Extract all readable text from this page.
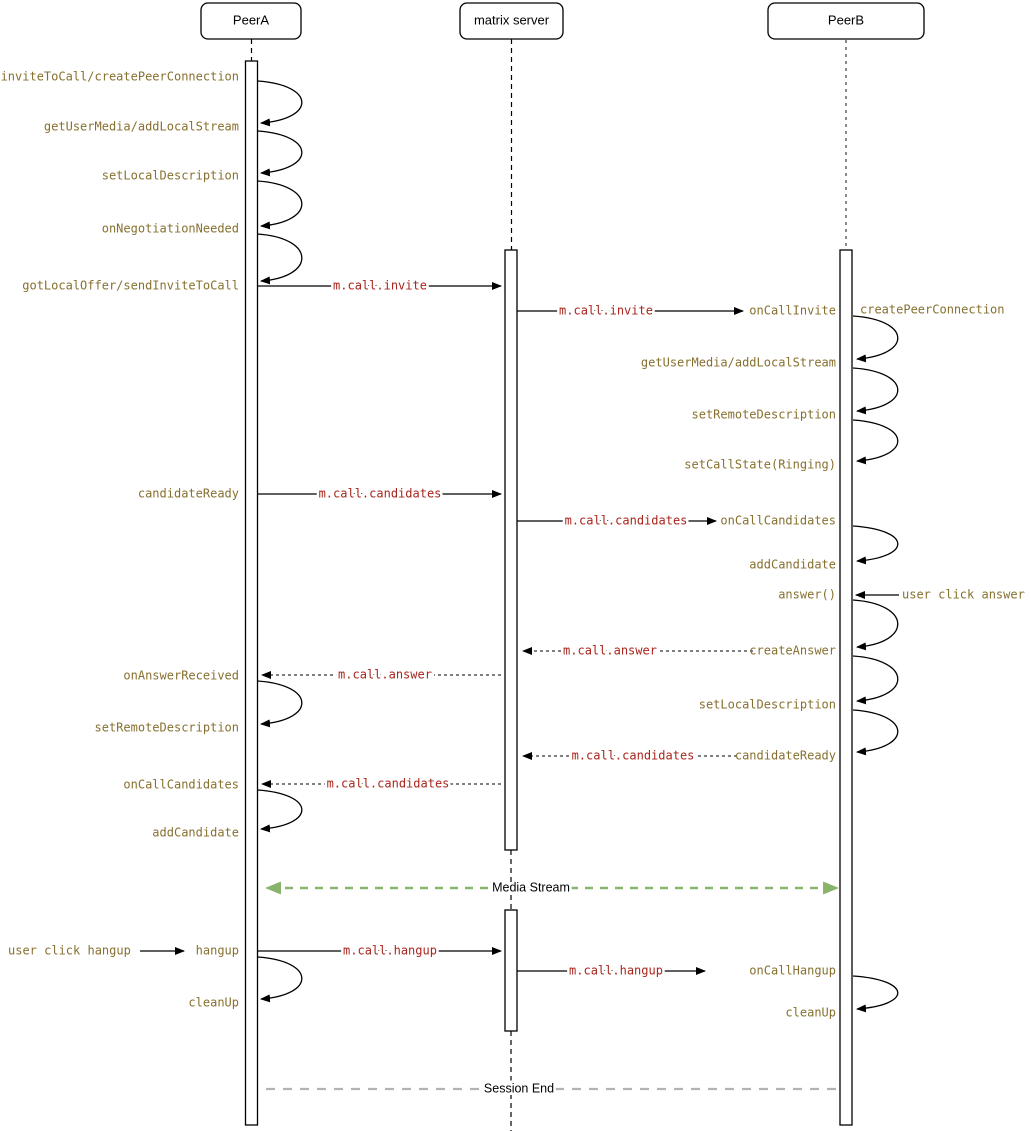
PeerA	matrix server	PeerB
inviteToCall/createPeerConnection
getUserMedia/addLocalStream
setLocalDescription
onNegotiationNeeded
gotLocalOffer/sendInviteToCall
candidateReady
onAnswerReceived
setRemoteDescription
onCallCandidates
addCandidate
hangup
cleanUp
user click hangup
onCallInvite
getUserMedia/addLocalStream
setRemoteDescription
setCallState(Ringing)
onCallCandidates
addCandidate
answer()
createAnswer
setLocalDescription
candidateReady
onCallHangup
cleanUp
createPeerConnection
user click answer
m.call.invite
m.call.invite
m.call.candidates
m.call.candidates
m.call.answer
m.call.answer
m.call.candidates
m.call.candidates
m.call.hangup
m.call.hangup
Media Stream
Session End
